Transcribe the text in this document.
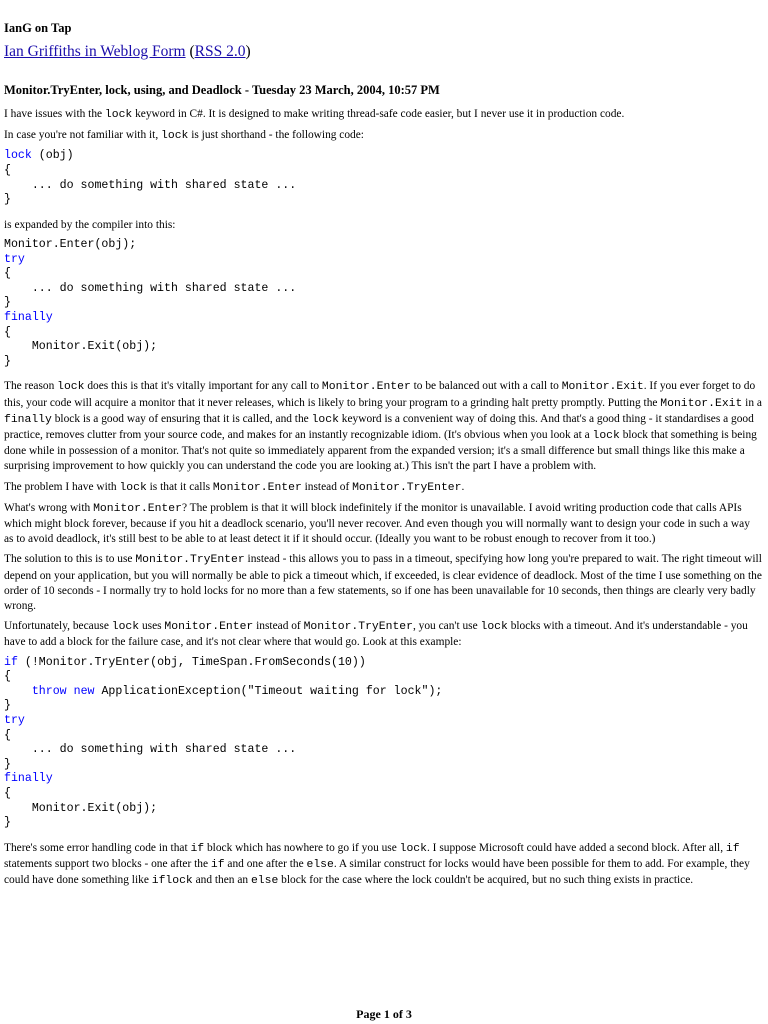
IanG on Tap
Ian Griffiths in Weblog Form (RSS 2.0)
Monitor.TryEnter, lock, using, and Deadlock - Tuesday 23 March, 2004, 10:57 PM

I have issues with the lock keyword in C#. It is designed to make writing thread-safe code easier, but I never use it in production code.

In case you're not familiar with it, lock is just shorthand - the following code:

lock (obj)
{
... do something with shared state ...
}

is expanded by the compiler into this:

Monitor.Enter(obj);
try
{
... do something with shared state ...
}
finally
{
Monitor.Exit(obj);
}

The reason lock does this is that it's vitally important for any call to Monitor.Enter to be balanced out with a call to Monitor.Exit. If you ever forget to do this, your code will acquire a monitor that it never releases, which is likely to bring your program to a grinding halt pretty promptly. Putting the Monitor.Exit in a finally block is a good way of ensuring that it is called, and the lock keyword is a convenient way of doing this. And that's a good thing - it standardises a good practice, removes clutter from your source code, and makes for an instantly recognizable idiom. (It's obvious when you look at a lock block that something is being done while in possession of a monitor. That's not quite so immediately apparent from the expanded version; it's a small difference but small things like this make a surprising improvement to how quickly you can understand the code you are looking at.) This isn't the part I have a problem with.

The problem I have with lock is that it calls Monitor.Enter instead of Monitor.TryEnter.

What's wrong with Monitor.Enter? The problem is that it will block indefinitely if the monitor is unavailable. I avoid writing production code that calls APIs which might block forever, because if you hit a deadlock scenario, you'll never recover. And even though you will normally want to design your code in such a way as to avoid deadlock, it's still best to be able to at least detect it if it should occur. (Ideally you want to be robust enough to recover from it too.)

The solution to this is to use Monitor.TryEnter instead - this allows you to pass in a timeout, specifying how long you're prepared to wait. The right timeout will depend on your application, but you will normally be able to pick a timeout which, if exceeded, is clear evidence of deadlock. Most of the time I use something on the order of 10 seconds - I normally try to hold locks for no more than a few statements, so if one has been unavailable for 10 seconds, then things are clearly very badly wrong.

Unfortunately, because lock uses Monitor.Enter instead of Monitor.TryEnter, you can't use lock blocks with a timeout. And it's understandable - you have to add a block for the failure case, and it's not clear where that would go. Look at this example:

if (!Monitor.TryEnter(obj, TimeSpan.FromSeconds(10))
{
throw new ApplicationException("Timeout waiting for lock");
}
try
{
... do something with shared state ...
}
finally
{
Monitor.Exit(obj);
}

There's some error handling code in that if block which has nowhere to go if you use lock. I suppose Microsoft could have added a second block. After all, if statements support two blocks - one after the if and one after the else. A similar construct for locks would have been possible for them to add. For example, they could have done something like iflock and then an else block for the case where the lock couldn't be acquired, but no such thing exists in practice.

Page 1 of 3
